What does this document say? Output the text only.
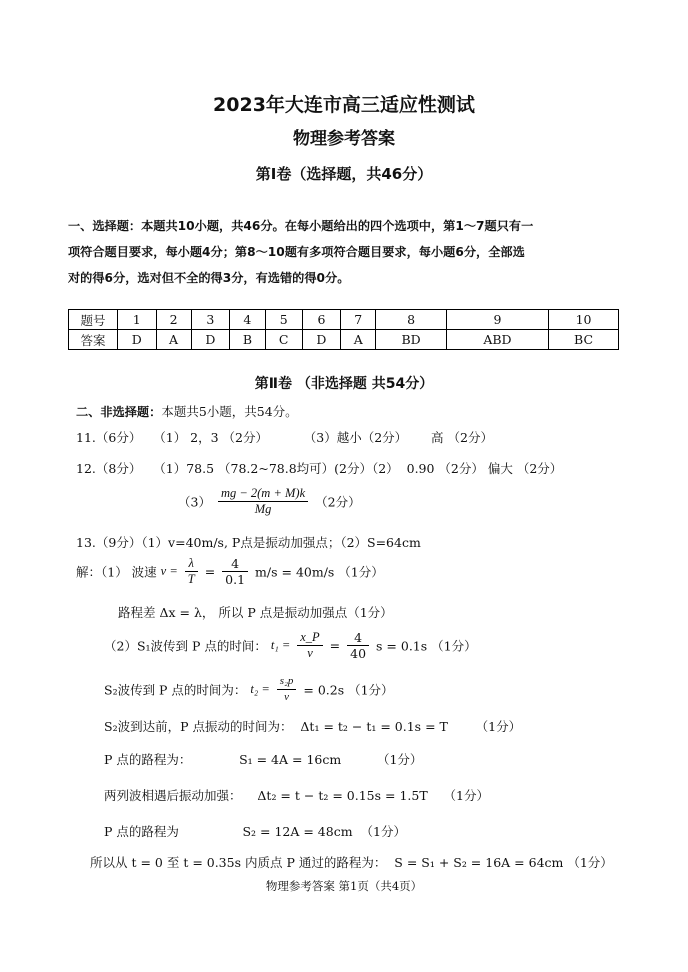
2023年大连市高三适应性测试
物理参考答案
第Ⅰ卷（选择题，共46分）
一、选择题：本题共10小题，共46分。在每小题给出的四个选项中，第1～7题只有一
项符合题目要求，每小题4分；第8～10题有多项符合题目要求，每小题6分，全部选
对的得6分，选对但不全的得3分，有选错的得0分。
题号	1	2	3	4	5	6	7	8	9	10
答案	D	A	D	B	C	D	A	BD	ABD	BC
第Ⅱ卷 （非选择题 共54分）
二、非选择题：本题共5小题，共54分。
11.（6分）   （1） 2，3 （2分）         （3）越小（2分）      高 （2分）
12.（8分）   （1）78.5 （78.2~78.8均可）(2分）（2）  0.90 （2分） 偏大 （2分）
$(3) \frac{mg - 2(m + M)k}{Mg} (2$分）
13.（9分）（1）v=40m/s, P点是振动加强点；（2）S=64cm
解：（1） 波速 $v = \frac{\lambda}{T} = \frac{4}{0.1} m/s = 40m/s$ （1分）
路程差 Δx = λ， 所以 P 点是振动加强点（1分）
（2）S₁波传到 P 点的时间： $t_1 = \frac{x\_P}{v} = \frac{4}{40}$ s = 0.1s （1分）
S₂波传到 P 点的时间为： $t_2 = \frac{\text{s₂p}}{v} = 0.2s$ （1分）
S₂波到达前，P 点振动的时间为：  Δt₁ = t₂ − t₁ = 0.1s = T       （1分）
P 点的路程为：            S₁ = 4A = 16cm         （1分）
两列波相遇后振动加强：    Δt₂ = t − t₂ = 0.15s = 1.5T    （1分）
P 点的路程为                S₂ = 12A = 48cm  （1分）
所以从 t = 0 至 t = 0.35s 内质点 P 通过的路程为：  S = S₁ + S₂ = 16A = 64cm （1分）
物理参考答案 第1页（共4页）
